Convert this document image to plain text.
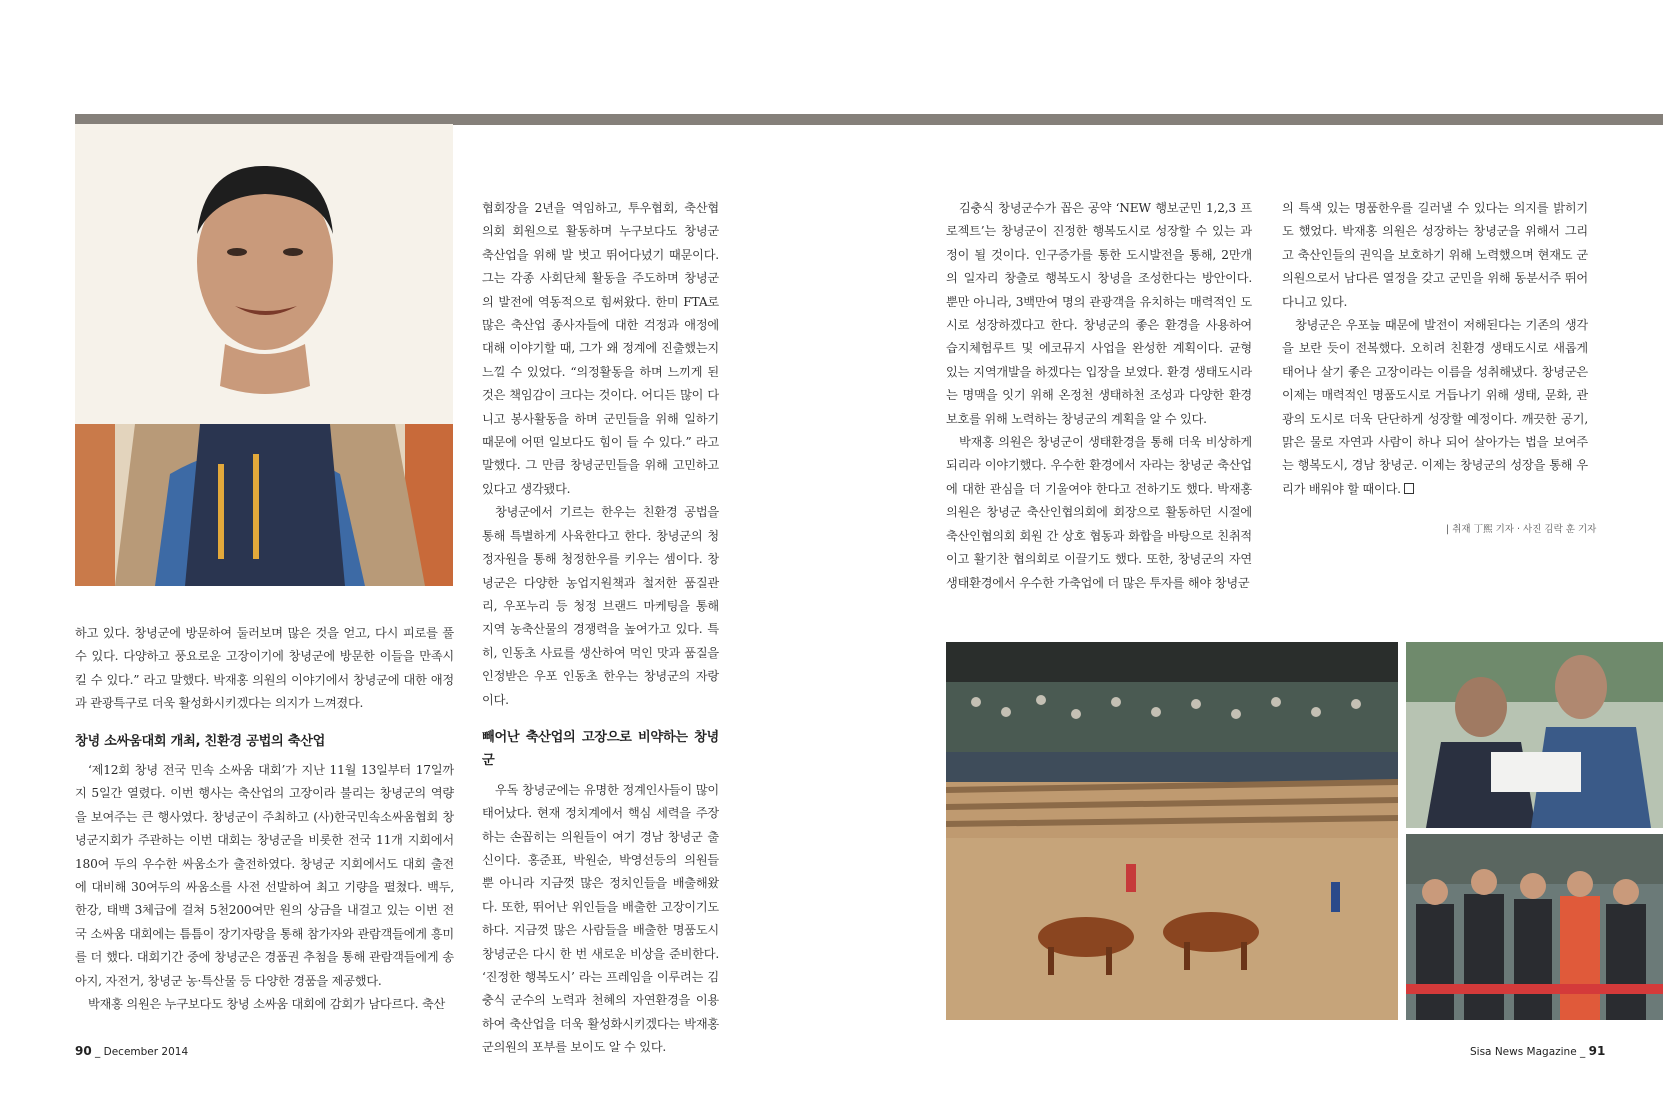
하고 있다. 창녕군에 방문하여 둘러보며 많은 것을 얻고, 다시 피로를 풀 수 있다. 다양하고 풍요로운 고장이기에 창녕군에 방문한 이들을 만족시킬 수 있다.” 라고 말했다. 박재홍 의원의 이야기에서 창녕군에 대한 애정과 관광특구로 더욱 활성화시키겠다는 의지가 느껴졌다.

창녕 소싸움대회 개최, 친환경 공법의 축산업

‘제12회 창녕 전국 민속 소싸움 대회’가 지난 11월 13일부터 17일까지 5일간 열렸다. 이번 행사는 축산업의 고장이라 불리는 창녕군의 역량을 보여주는 큰 행사였다. 창녕군이 주최하고 (사)한국민속소싸움협회 창녕군지회가 주관하는 이번 대회는 창녕군을 비롯한 전국 11개 지회에서 180여 두의 우수한 싸움소가 출전하였다. 창녕군 지회에서도 대회 출전에 대비해 30여두의 싸움소를 사전 선발하여 최고 기량을 펼쳤다. 백두, 한강, 태백 3체급에 걸쳐 5천200여만 원의 상금을 내걸고 있는 이번 전국 소싸움 대회에는 틈틈이 장기자랑을 통해 참가자와 관람객들에게 흥미를 더 했다. 대회기간 중에 창녕군은 경품권 추첨을 통해 관람객들에게 송아지, 자전거, 창녕군 농·특산물 등 다양한 경품을 제공했다.

박재홍 의원은 누구보다도 창녕 소싸움 대회에 감회가 남다르다. 축산

협회장을 2년을 역임하고, 투우협회, 축산협의회 회원으로 활동하며 누구보다도 창녕군 축산업을 위해 발 벗고 뛰어다녔기 때문이다. 그는 각종 사회단체 활동을 주도하며 창녕군의 발전에 역동적으로 힘써왔다. 한미 FTA로 많은 축산업 종사자들에 대한 걱정과 애정에 대해 이야기할 때, 그가 왜 정계에 진출했는지 느낄 수 있었다. “의정활동을 하며 느끼게 된 것은 책임감이 크다는 것이다. 어디든 많이 다니고 봉사활동을 하며 군민들을 위해 일하기 때문에 어떤 일보다도 힘이 들 수 있다.” 라고 말했다. 그 만큼 창녕군민들을 위해 고민하고 있다고 생각됐다.

창녕군에서 기르는 한우는 친환경 공법을 통해 특별하게 사육한다고 한다. 창녕군의 청정자원을 통해 청정한우를 키우는 셈이다. 창녕군은 다양한 농업지원책과 철저한 품질관리, 우포누리 등 청정 브랜드 마케팅을 통해 지역 농축산물의 경쟁력을 높여가고 있다. 특히, 인동초 사료를 생산하여 먹인 맛과 품질을 인정받은 우포 인동초 한우는 창녕군의 자랑이다.

빼어난 축산업의 고장으로 비약하는 창녕군

우독 창녕군에는 유명한 정계인사들이 많이 태어났다. 현재 정치계에서 핵심 세력을 주장하는 손꼽히는 의원들이 여기 경남 창녕군 출신이다. 홍준표, 박원순, 박영선등의 의원들 뿐 아니라 지금껏 많은 정치인들을 배출해왔다. 또한, 뛰어난 위인들을 배출한 고장이기도 하다. 지금껏 많은 사람들을 배출한 명품도시 창녕군은 다시 한 번 새로운 비상을 준비한다. ‘진정한 행복도시’ 라는 프레임을 이루려는 김충식 군수의 노력과 천혜의 자연환경을 이용하여 축산업을 더욱 활성화시키겠다는 박재홍 군의원의 포부를 보이도 알 수 있다.

김충식 창녕군수가 꼽은 공약 ‘NEW 행보군민 1,2,3 프로젝트’는 창녕군이 진정한 행복도시로 성장할 수 있는 과정이 될 것이다. 인구증가를 통한 도시발전을 통해, 2만개의 일자리 창출로 행복도시 창녕을 조성한다는 방안이다. 뿐만 아니라, 3백만여 명의 관광객을 유치하는 매력적인 도시로 성장하겠다고 한다. 창녕군의 좋은 환경을 사용하여 습지체험루트 및 에코뮤지 사업을 완성한 계획이다. 균형 있는 지역개발을 하겠다는 입장을 보였다. 환경 생태도시라는 명맥을 잇기 위해 온정천 생태하천 조성과 다양한 환경보호를 위해 노력하는 창녕군의 계획을 알 수 있다.

박재홍 의원은 창녕군이 생태환경을 통해 더욱 비상하게 되리라 이야기했다. 우수한 환경에서 자라는 창녕군 축산업에 대한 관심을 더 기울여야 한다고 전하기도 했다. 박재홍 의원은 창녕군 축산인협의회에 회장으로 활동하던 시절에 축산인협의회 회원 간 상호 협동과 화합을 바탕으로 친취적이고 활기찬 협의회로 이끌기도 했다. 또한, 창녕군의 자연 생태환경에서 우수한 가축업에 더 많은 투자를 해야 창녕군

의 특색 있는 명품한우를 길러낼 수 있다는 의지를 밝히기도 했었다. 박재홍 의원은 성장하는 창녕군을 위해서 그리고 축산인들의 권익을 보호하기 위해 노력했으며 현재도 군의원으로서 남다른 열정을 갖고 군민을 위해 동분서주 뛰어다니고 있다.

창녕군은 우포늪 때문에 발전이 저해된다는 기존의 생각을 보란 듯이 전복했다. 오히려 친환경 생태도시로 새롭게 태어나 살기 좋은 고장이라는 이름을 성취해냈다. 창녕군은 이제는 매력적인 명품도시로 거듭나기 위해 생태, 문화, 관광의 도시로 더욱 단단하게 성장할 예정이다. 깨끗한 공기, 맑은 물로 자연과 사람이 하나 되어 살아가는 법을 보여주는 행복도시, 경남 창녕군. 이제는 창녕군의 성장을 통해 우리가 배워야 할 때이다.

| 취재 丁熙 기자 · 사진 김락 훈 기자
90 _ December 2014	Sisa News Magazine _ 91
